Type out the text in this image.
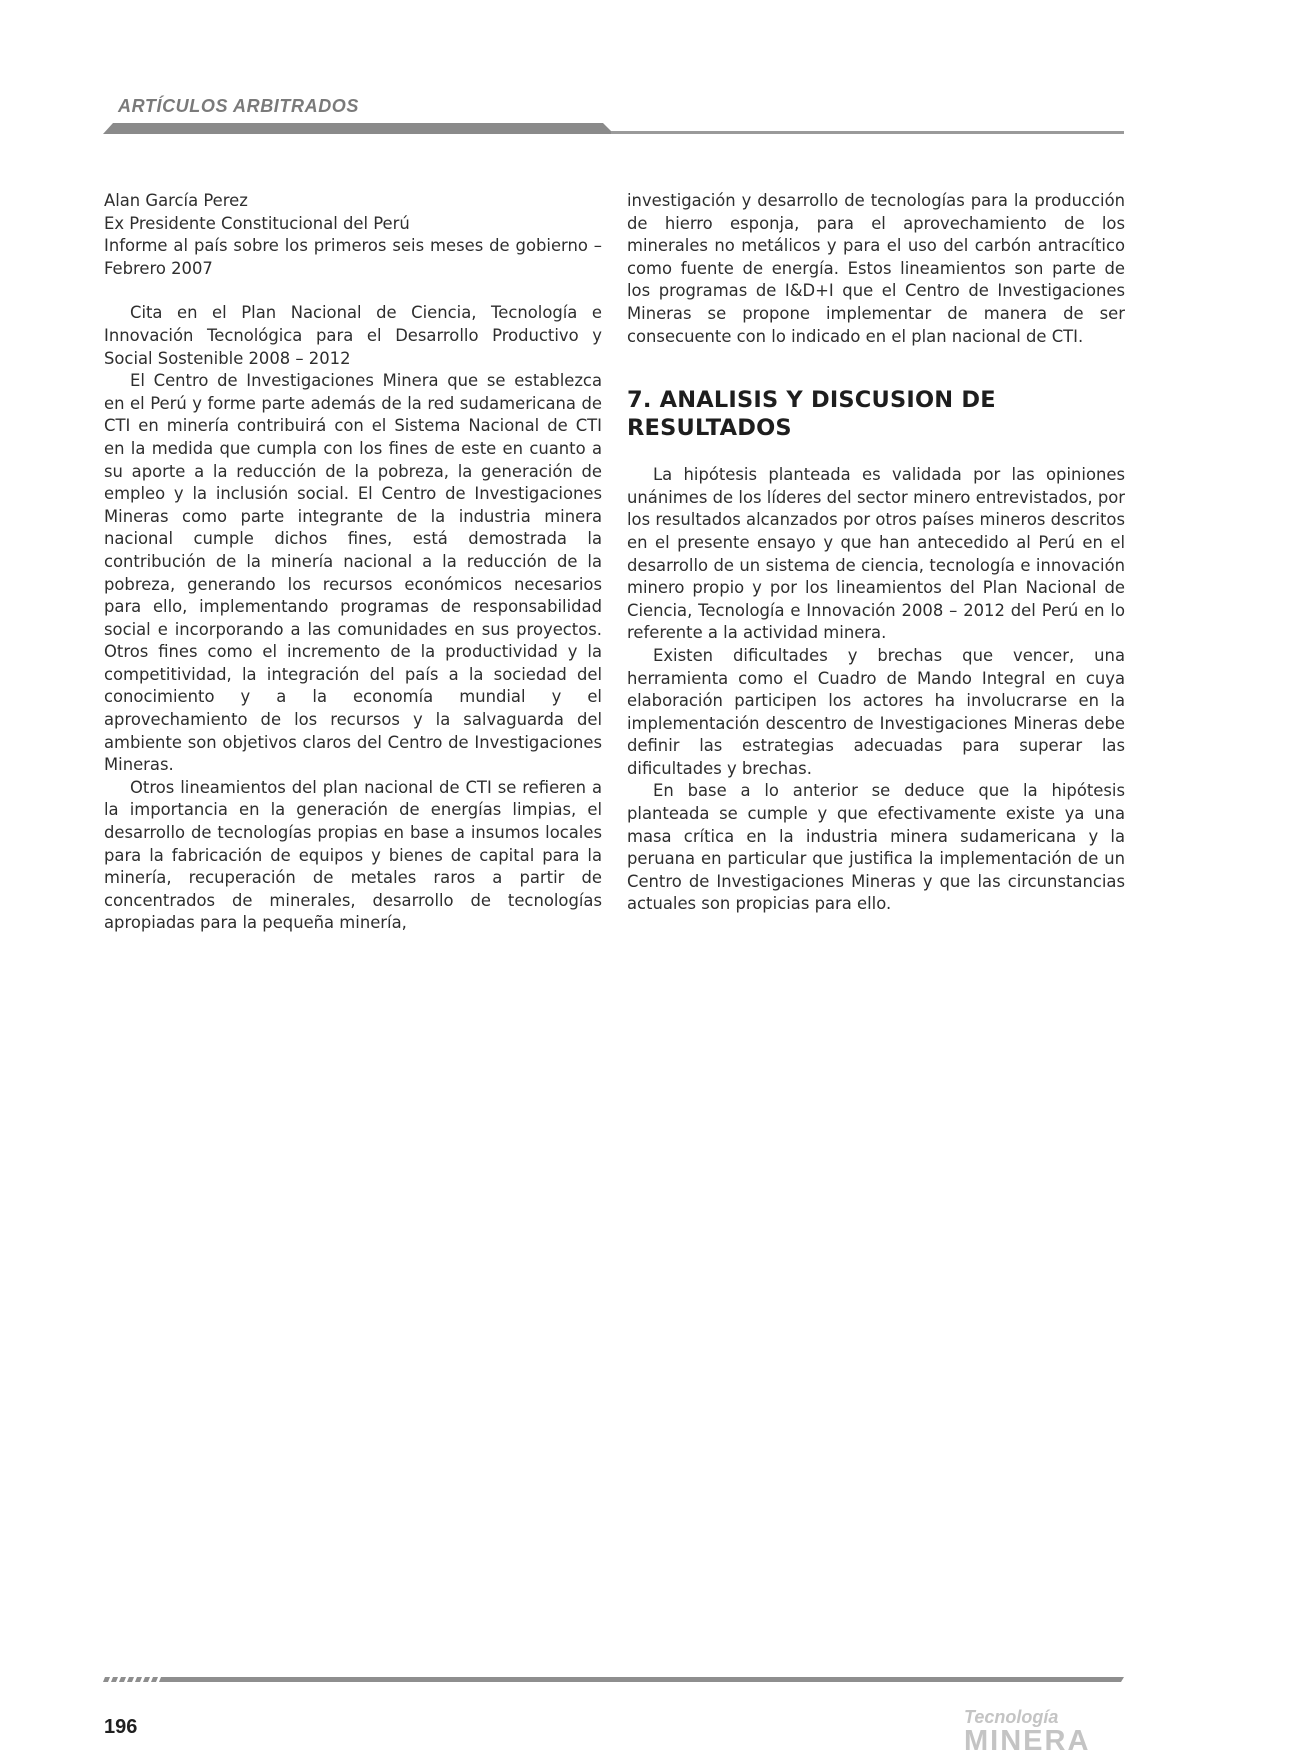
ARTÍCULOS ARBITRADOS

Alan García Perez
Ex Presidente Constitucional del Perú
Informe al país sobre los primeros seis meses de gobierno – Febrero 2007

Cita en el Plan Nacional de Ciencia, Tecnología e Innovación Tecnológica para el Desarrollo Productivo y Social Sostenible 2008 – 2012

El Centro de Investigaciones Minera que se establezca en el Perú y forme parte además de la red sudamericana de CTI en minería contribuirá con el Sistema Nacional de CTI en la medida que cumpla con los fines de este en cuanto a su aporte a la reducción de la pobreza, la generación de empleo y la inclusión social. El Centro de Investigaciones Mineras como parte integrante de la industria minera nacional cumple dichos fines, está demostrada la contribución de la minería nacional a la reducción de la pobreza, generando los recursos económicos necesarios para ello, implementando programas de responsabilidad social e incorporando a las comunidades en sus proyectos. Otros fines como el incremento de la productividad y la competitividad, la integración del país a la sociedad del conocimiento y a la economía mundial y el aprovechamiento de los recursos y la salvaguarda del ambiente son objetivos claros del Centro de Investigaciones Mineras.

Otros lineamientos del plan nacional de CTI se refieren a la importancia en la generación de energías limpias, el desarrollo de tecnologías propias en base a insumos locales para la fabricación de equipos y bienes de capital para la minería, recuperación de metales raros a partir de concentrados de minerales, desarrollo de tecnologías apropiadas para la pequeña minería,

investigación y desarrollo de tecnologías para la producción de hierro esponja, para el aprovechamiento de los minerales no metálicos y para el uso del carbón antracítico como fuente de energía. Estos lineamientos son parte de los programas de I&D+I que el Centro de Investigaciones Mineras se propone implementar de manera de ser consecuente con lo indicado en el plan nacional de CTI.

7. ANALISIS Y DISCUSION DE RESULTADOS

La hipótesis planteada es validada por las opiniones unánimes de los líderes del sector minero entrevistados, por los resultados alcanzados por otros países mineros descritos en el presente ensayo y que han antecedido al Perú en el desarrollo de un sistema de ciencia, tecnología e innovación minero propio y por los lineamientos del Plan Nacional de Ciencia, Tecnología e Innovación 2008 – 2012 del Perú en lo referente a la actividad minera.

Existen dificultades y brechas que vencer, una herramienta como el Cuadro de Mando Integral en cuya elaboración participen los actores ha involucrarse en la implementación descentro de Investigaciones Mineras debe definir las estrategias adecuadas para superar las dificultades y brechas.

En base a lo anterior se deduce que la hipótesis planteada se cumple y que efectivamente existe ya una masa crítica en la industria minera sudamericana y la peruana en particular que justifica la implementación de un Centro de Investigaciones Mineras y que las circunstancias actuales son propicias para ello.

196	Tecnología
MINERA
